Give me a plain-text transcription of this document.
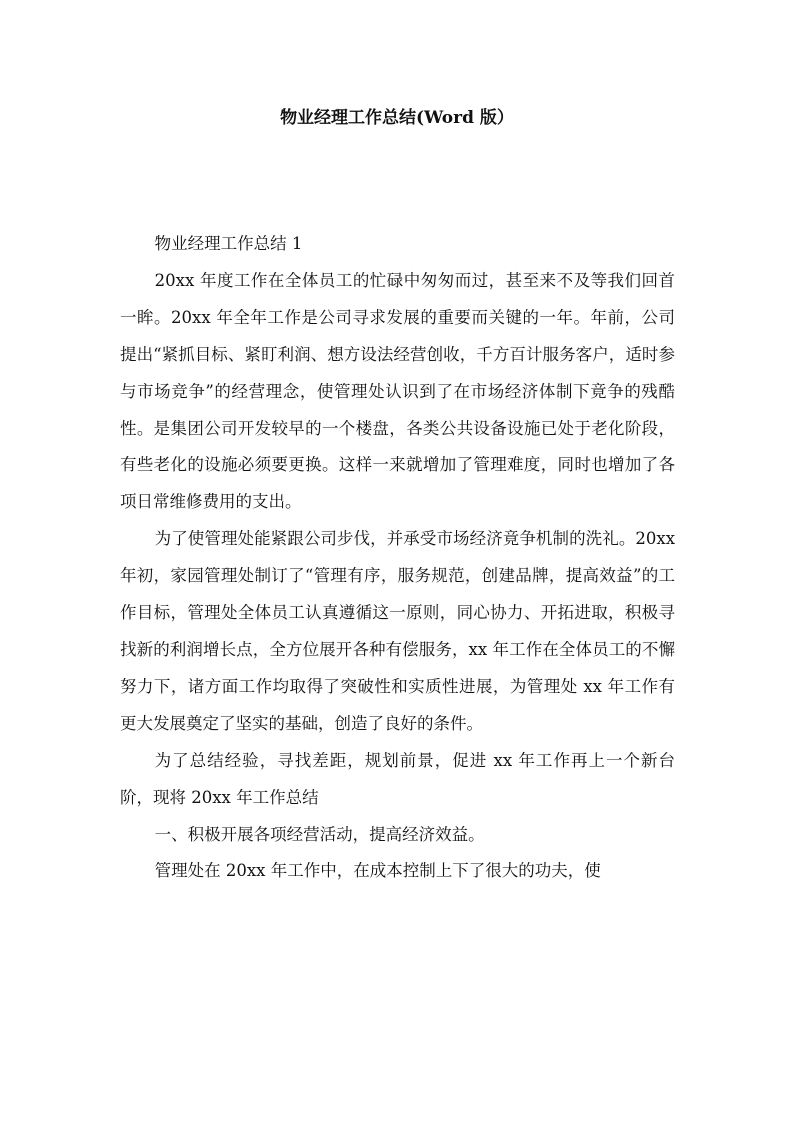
物业经理工作总结(Word 版）

物业经理工作总结 1

20xx 年度工作在全体员工的忙碌中匆匆而过，甚至来不及等我们回首一眸。20xx 年全年工作是公司寻求发展的重要而关键的一年。年前，公司提出“紧抓目标、紧盯利润、想方设法经营创收，千方百计服务客户，适时参与市场竞争”的经营理念，使管理处认识到了在市场经济体制下竟争的残酷性。是集团公司开发较早的一个楼盘，各类公共设备设施已处于老化阶段，有些老化的设施必须要更换。这样一来就增加了管理难度，同时也增加了各项日常维修费用的支出。

为了使管理处能紧跟公司步伐，并承受市场经济竟争机制的洗礼。20xx 年初，家园管理处制订了“管理有序，服务规范，创建品牌，提高效益”的工作目标，管理处全体员工认真遵循这一原则，同心协力、开拓进取，积极寻找新的利润增长点，全方位展开各种有偿服务，xx 年工作在全体员工的不懈努力下，诸方面工作均取得了突破性和实质性进展，为管理处 xx 年工作有更大发展奠定了坚实的基础，创造了良好的条件。

为了总结经验，寻找差距，规划前景，促进 xx 年工作再上一个新台阶，现将 20xx 年工作总结

一、积极开展各项经营活动，提高经济效益。

管理处在 20xx 年工作中，在成本控制上下了很大的功夫，使
